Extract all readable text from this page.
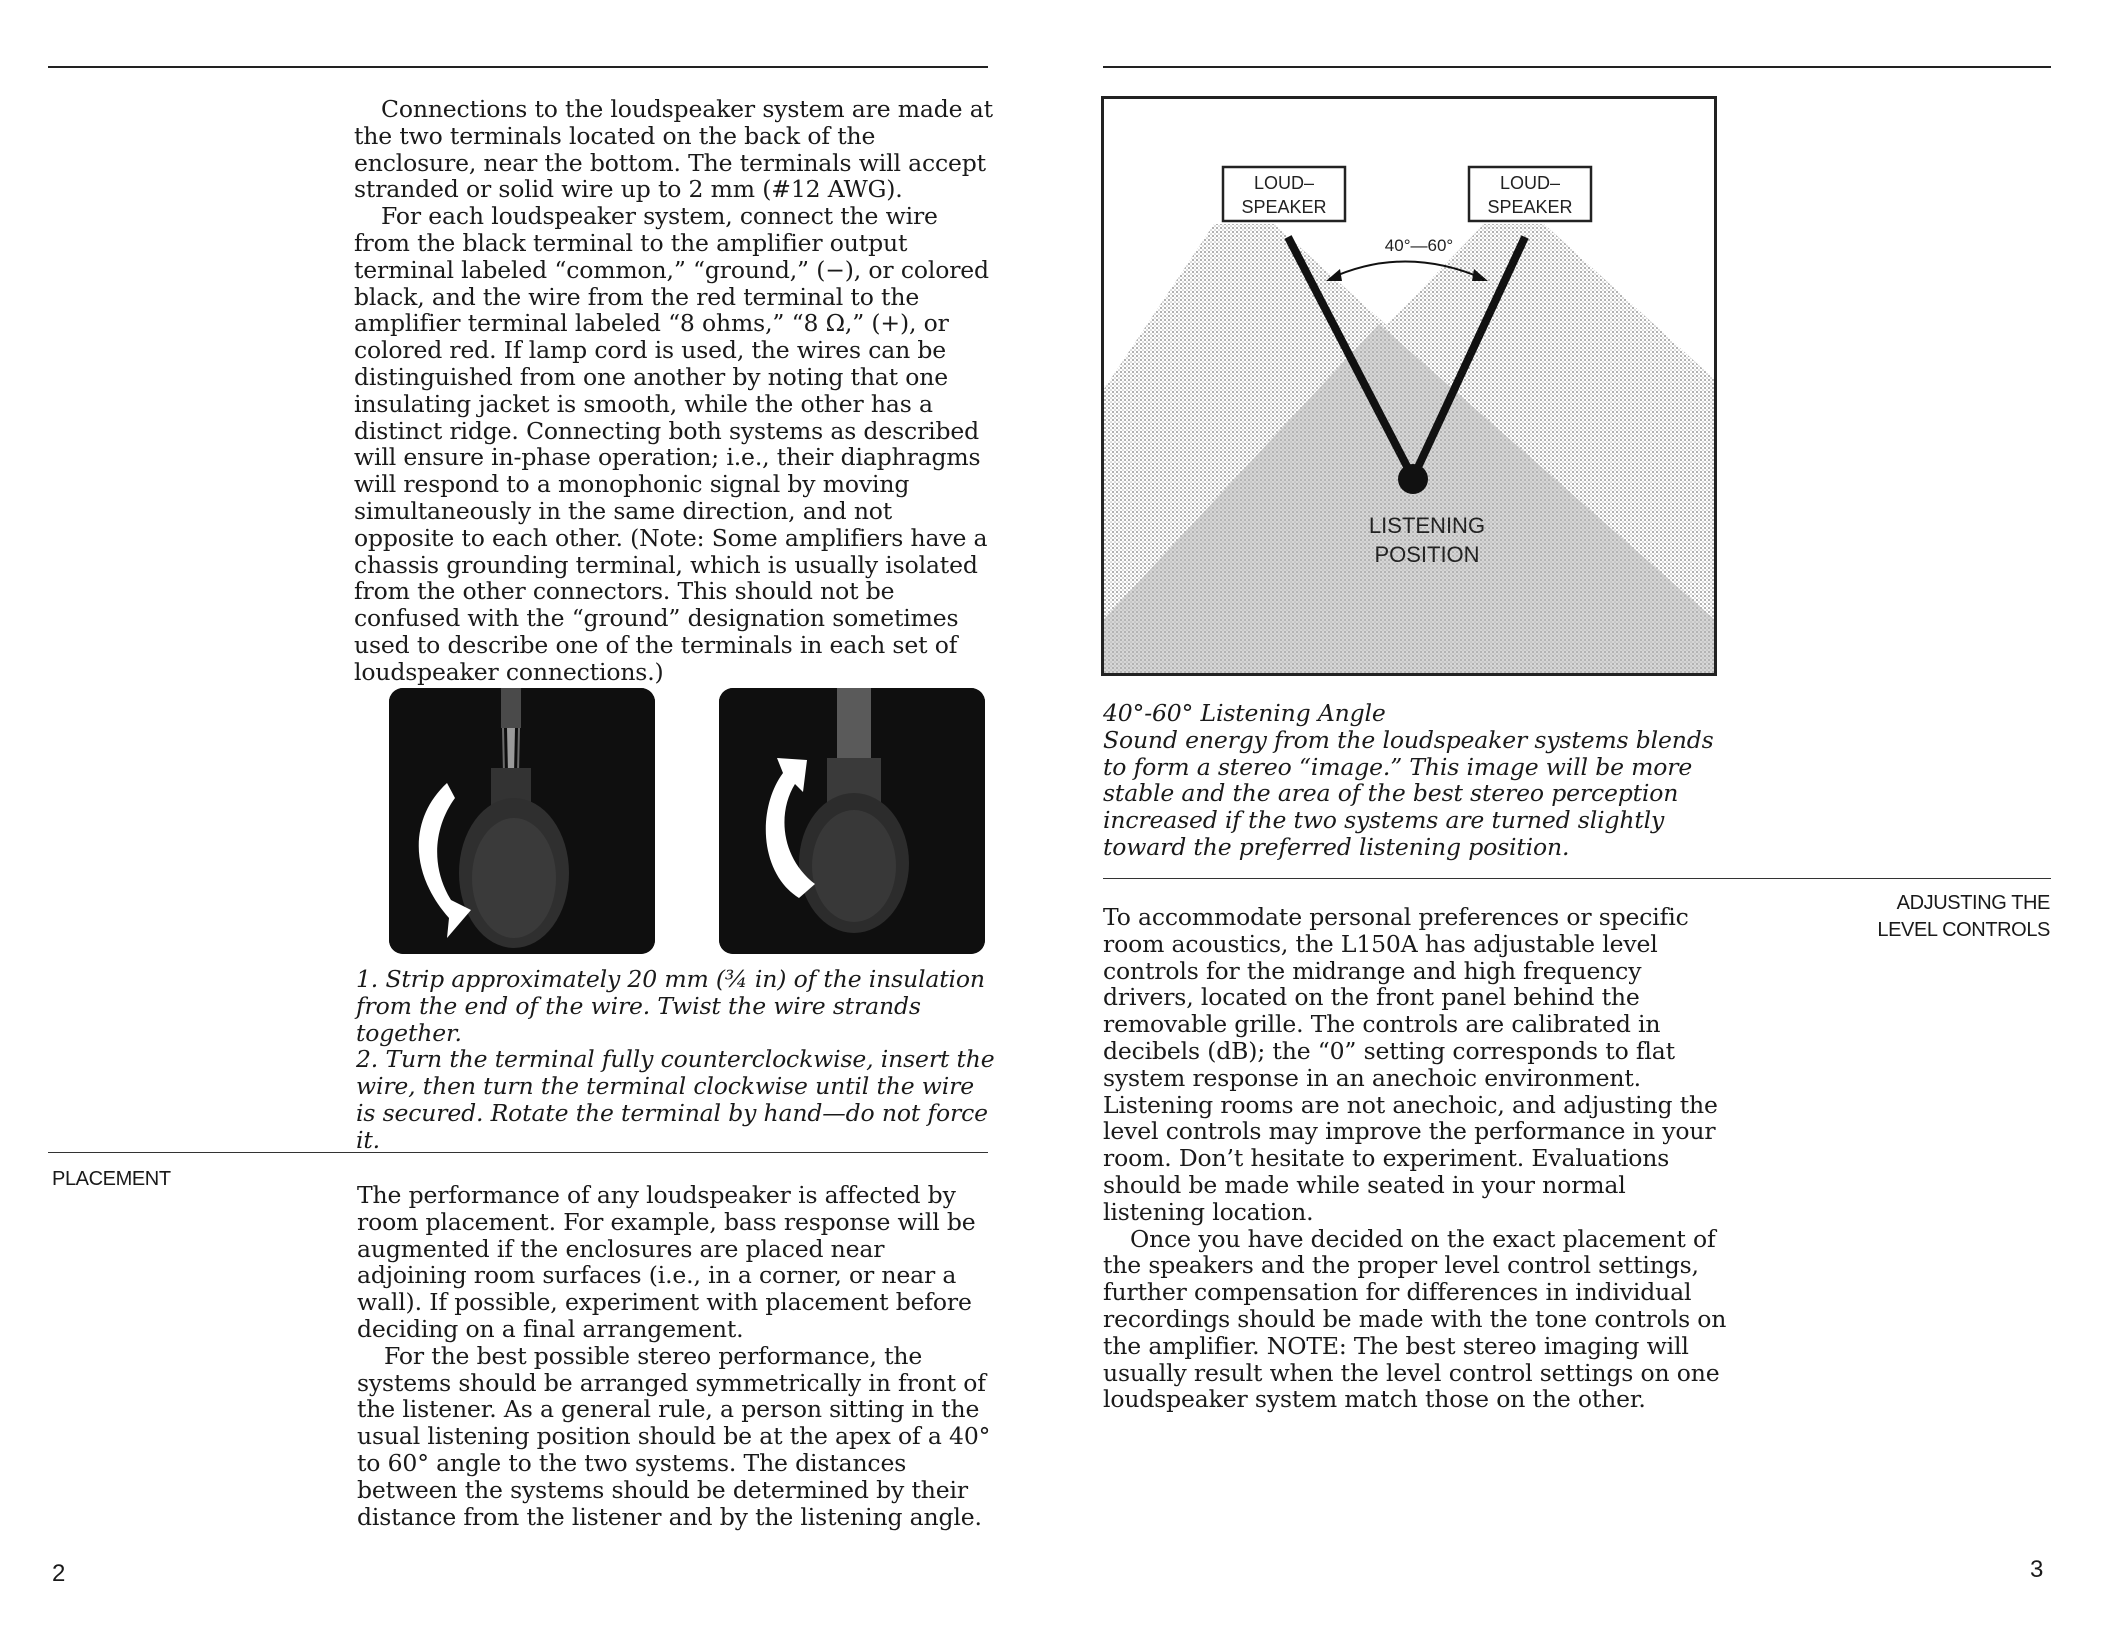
Connections to the loudspeaker system are made at the two terminals located on the back of the enclosure, near the bottom. The terminals will accept stranded or solid wire up to 2 mm (#12 AWG).

For each loudspeaker system, connect the wire from the black terminal to the amplifier output terminal labeled “common,” “ground,” (−), or colored black, and the wire from the red terminal to the amplifier terminal labeled “8 ohms,” “8 Ω,” (+), or colored red. If lamp cord is used, the wires can be distinguished from one another by noting that one insulating jacket is smooth, while the other has a distinct ridge. Connecting both systems as described will ensure in-phase operation; i.e., their diaphragms will respond to a monophonic signal by moving simultaneously in the same direction, and not opposite to each other. (Note: Some amplifiers have a chassis grounding terminal, which is usually isolated from the other connectors. This should not be confused with the “ground” designation sometimes used to describe one of the terminals in each set of loudspeaker connections.)

1. Strip approximately 20 mm (¾ in) of the insulation from the end of the wire. Twist the wire strands together.

2. Turn the terminal fully counterclockwise, insert the wire, then turn the terminal clockwise until the wire is secured. Rotate the terminal by hand—do not force it.

PLACEMENT

The performance of any loudspeaker is affected by room placement. For example, bass response will be augmented if the enclosures are placed near adjoining room surfaces (i.e., in a corner, or near a wall). If possible, experiment with placement before deciding on a final arrangement.

For the best possible stereo performance, the systems should be arranged symmetrically in front of the listener. As a general rule, a person sitting in the usual listening position should be at the apex of a 40° to 60° angle to the two systems. The distances between the systems should be determined by their distance from the listener and by the listening angle.

2
LOUD–
SPEAKER
LOUD–
SPEAKER
40°—60°
LISTENING
POSITION

40°-60° Listening Angle

Sound energy from the loudspeaker systems blends to form a stereo “image.” This image will be more stable and the area of the best stereo perception increased if the two systems are turned slightly toward the preferred listening position.

ADJUSTING THE
LEVEL CONTROLS

To accommodate personal preferences or specific room acoustics, the L150A has adjustable level controls for the midrange and high frequency drivers, located on the front panel behind the removable grille. The controls are calibrated in decibels (dB); the “0” setting corresponds to flat system response in an anechoic environment. Listening rooms are not anechoic, and adjusting the level controls may improve the performance in your room. Don’t hesitate to experiment. Evaluations should be made while seated in your normal listening location.

Once you have decided on the exact placement of the speakers and the proper level control settings, further compensation for differences in individual recordings should be made with the tone controls on the amplifier. NOTE: The best stereo imaging will usually result when the level control settings on one loudspeaker system match those on the other.

3
